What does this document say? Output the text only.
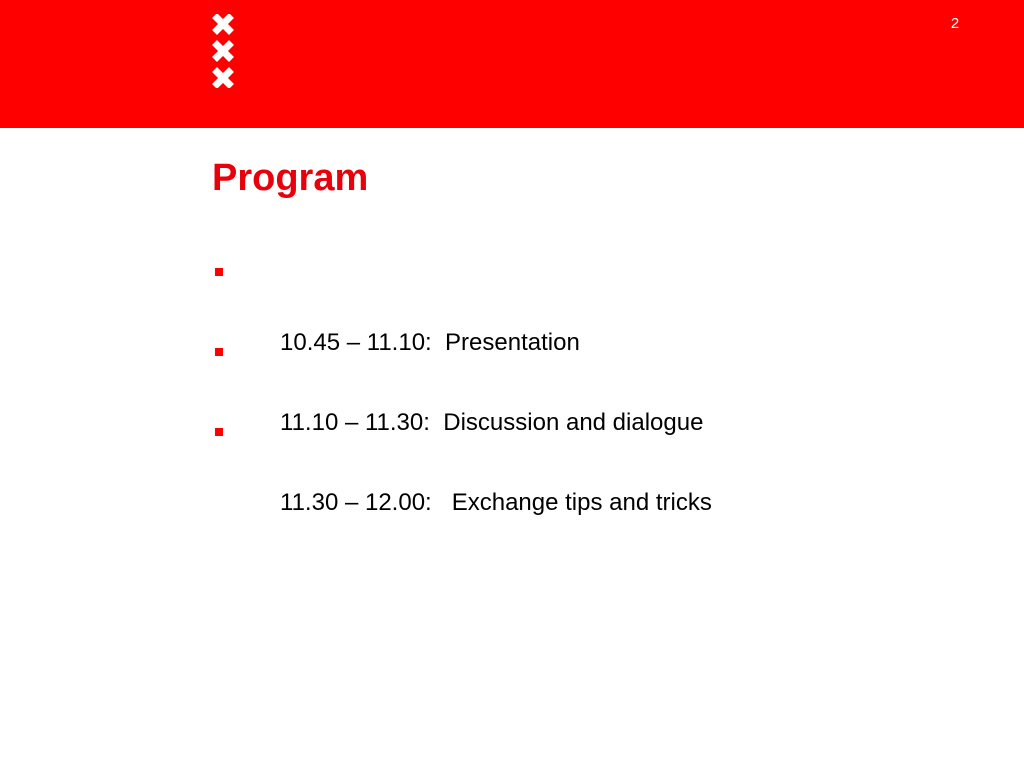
2
Program

10.45 – 11.10:  Presentation

11.10 – 11.30:  Discussion and dialogue

11.30 – 12.00:   Exchange tips and tricks
